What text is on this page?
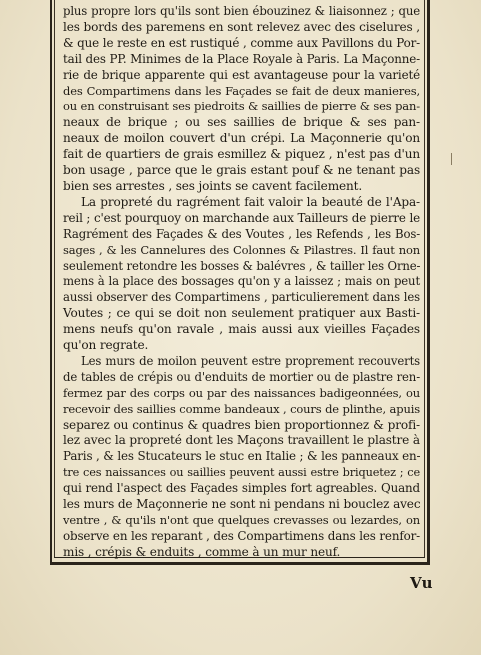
plus propre lors qu'ils sont bien ébouzinez & liaisonnez ; que
les bords des paremens en sont relevez avec des ciselures ,
& que le reste en est rustiqué , comme aux Pavillons du Por-
tail des PP. Minimes de la Place Royale à Paris. La Maçonne-
rie de brique apparente qui est avantageuse pour la varieté
des Compartimens dans les Façades se fait de deux manieres,
ou en construisant ses piedroits & saillies de pierre & ses pan-
neaux de brique ; ou ses saillies de brique & ses pan-
neaux de moilon couvert d'un crépi. La Maçonnerie qu'on
fait de quartiers de grais esmillez & piquez , n'est pas d'un
bon usage , parce que le grais estant pouf & ne tenant pas
bien ses arrestes , ses joints se cavent facilement.

La propreté du ragrément fait valoir la beauté de l'Apa-
reil ; c'est pourquoy on marchande aux Tailleurs de pierre le
Ragrément des Façades & des Voutes , les Refends , les Bos-
sages , & les Cannelures des Colonnes & Pilastres. Il faut non
seulement retondre les bosses & balévres , & tailler les Orne-
mens à la place des bossages qu'on y a laissez ; mais on peut
aussi observer des Compartimens , particulierement dans les
Voutes ; ce qui se doit non seulement pratiquer aux Basti-
mens neufs qu'on ravale , mais aussi aux vieilles Façades
qu'on regrate.

Les murs de moilon peuvent estre proprement recouverts
de tables de crépis ou d'enduits de mortier ou de plastre ren-
fermez par des corps ou par des naissances badigeonnées, ou
recevoir des saillies comme bandeaux , cours de plinthe, apuis
separez ou continus & quadres bien proportionnez & profi-
lez avec la propreté dont les Maçons travaillent le plastre à
Paris , & les Stucateurs le stuc en Italie ; & les panneaux en-
tre ces naissances ou saillies peuvent aussi estre briquetez ; ce
qui rend l'aspect des Façades simples fort agreables. Quand
les murs de Maçonnerie ne sont ni pendans ni bouclez avec
ventre , & qu'ils n'ont que quelques crevasses ou lezardes, on
observe en les reparant , des Compartimens dans les renfor-
mis , crépis & enduits , comme à un mur neuf.

Vu
